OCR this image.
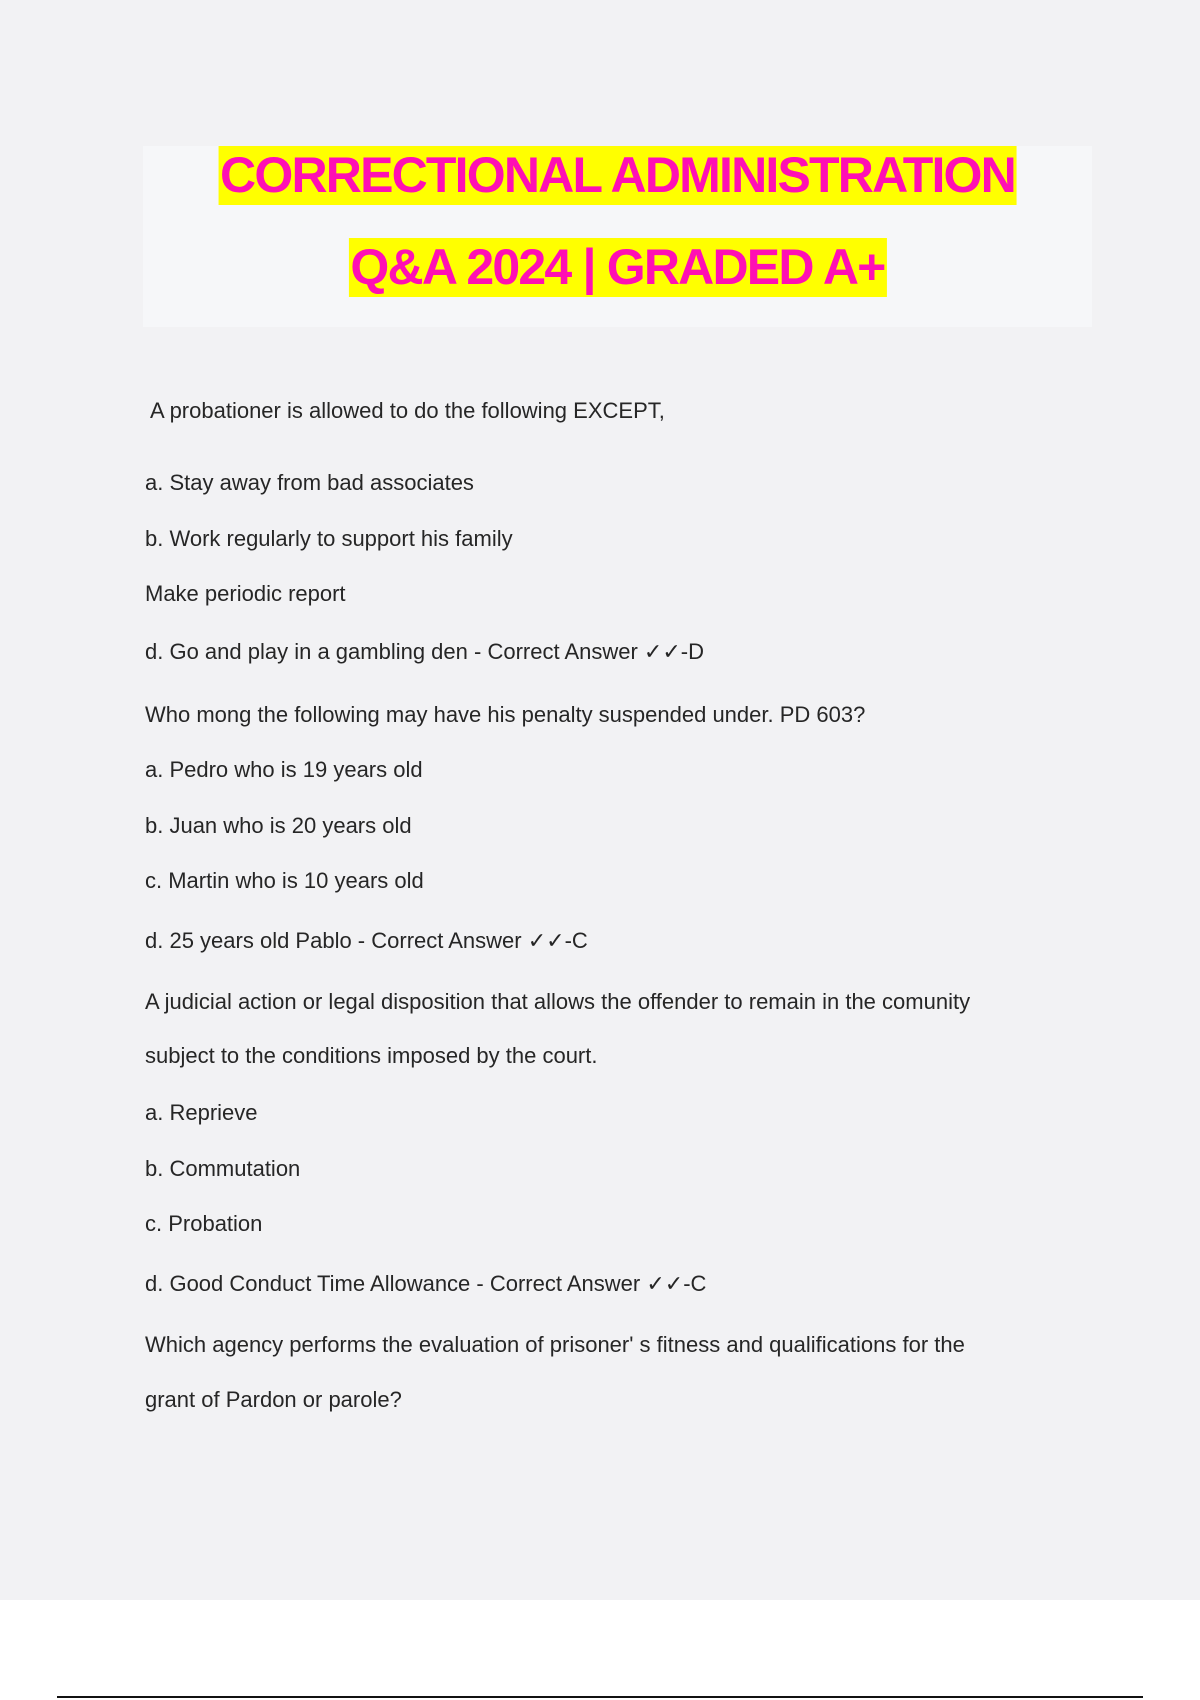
CORRECTIONAL ADMINISTRATION
Q&A 2024 | GRADED A+
A probationer is allowed to do the following EXCEPT,
a. Stay away from bad associates
b. Work regularly to support his family
Make periodic report
d. Go and play in a gambling den - Correct Answer ✓✓-D
Who mong the following may have his penalty suspended under. PD 603?
a. Pedro who is 19 years old
b. Juan who is 20 years old
c. Martin who is 10 years old
d. 25 years old Pablo - Correct Answer ✓✓-C
A judicial action or legal disposition that allows the offender to remain in the comunity
subject to the conditions imposed by the court.
a. Reprieve
b. Commutation
c. Probation
d. Good Conduct Time Allowance - Correct Answer ✓✓-C
Which agency performs the evaluation of prisoner' s fitness and qualifications for the
grant of Pardon or parole?
